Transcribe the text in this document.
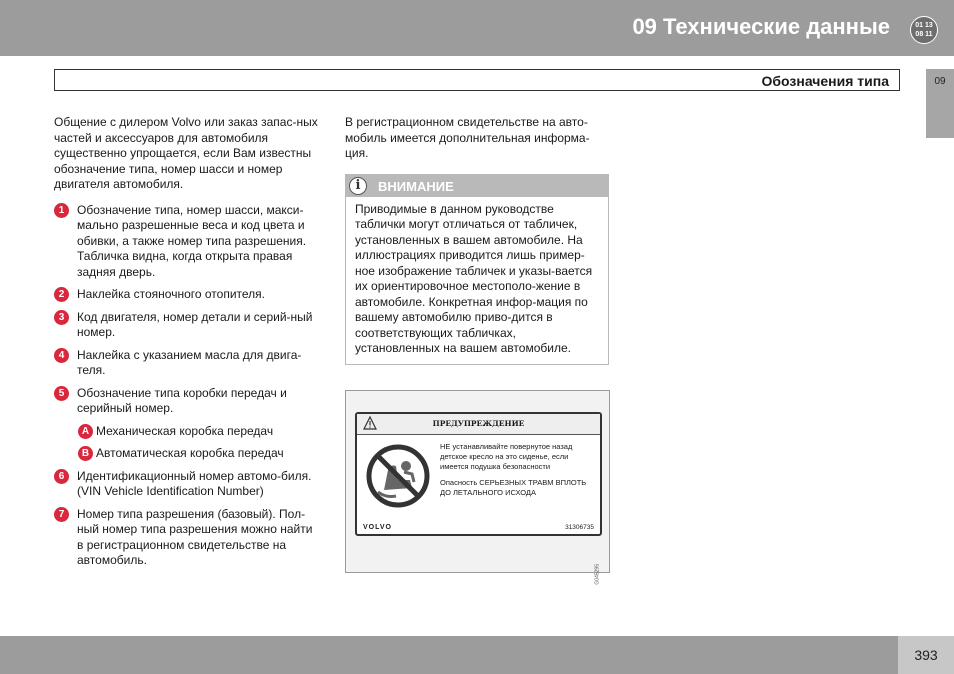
09 Технические данные	01 13
08 11
Обозначения типа	09

Общение с дилером Volvo или заказ запас-ных частей и аксессуаров для автомобиля существенно упрощается, если Вам известны обозначение типа, номер шасси и номер двигателя автомобиля.

1	Обозначение типа, номер шасси, макси-мально разрешенные веса и код цвета и обивки, а также номер типа разрешения. Табличка видна, когда открыта правая задняя дверь.
2	Наклейка стояночного отопителя.
3	Код двигателя, номер детали и серий-ный номер.
4	Наклейка с указанием масла для двига-теля.
5	Обозначение типа коробки передач и серийный номер.
A Механическая коробка передач
B Автоматическая коробка передач
6	Идентификационный номер автомо-биля. (VIN Vehicle Identification Number)
7	Номер типа разрешения (базовый). Пол-ный номер типа разрешения можно найти в регистрационном свидетельстве на автомобиль.

В регистрационном свидетельстве на авто-мобиль имеется дополнительная информа-ция.

i	ВНИМАНИЕ
Приводимые в данном руководстве таблички могут отличаться от табличек, установленных в вашем автомобиле. На иллюстрациях приводится лишь пример-ное изображение табличек и указы-вается их ориентировочное местополо-жение в автомобиле. Конкретная инфор-мация по вашему автомобилю приво-дится в соответствующих табличках, установленных на вашем автомобиле.
ПРЕДУПРЕЖДЕНИЕ

НЕ устанавливайте повернутое назад детское кресло на это сиденье, если имеется подушка безопасности

Опасность СЕРЬЕЗНЫХ ТРАВМ ВПЛОТЬ ДО ЛЕТАЛЬНОГО ИСХОДА

VOLVO	31306735
G045295
393
